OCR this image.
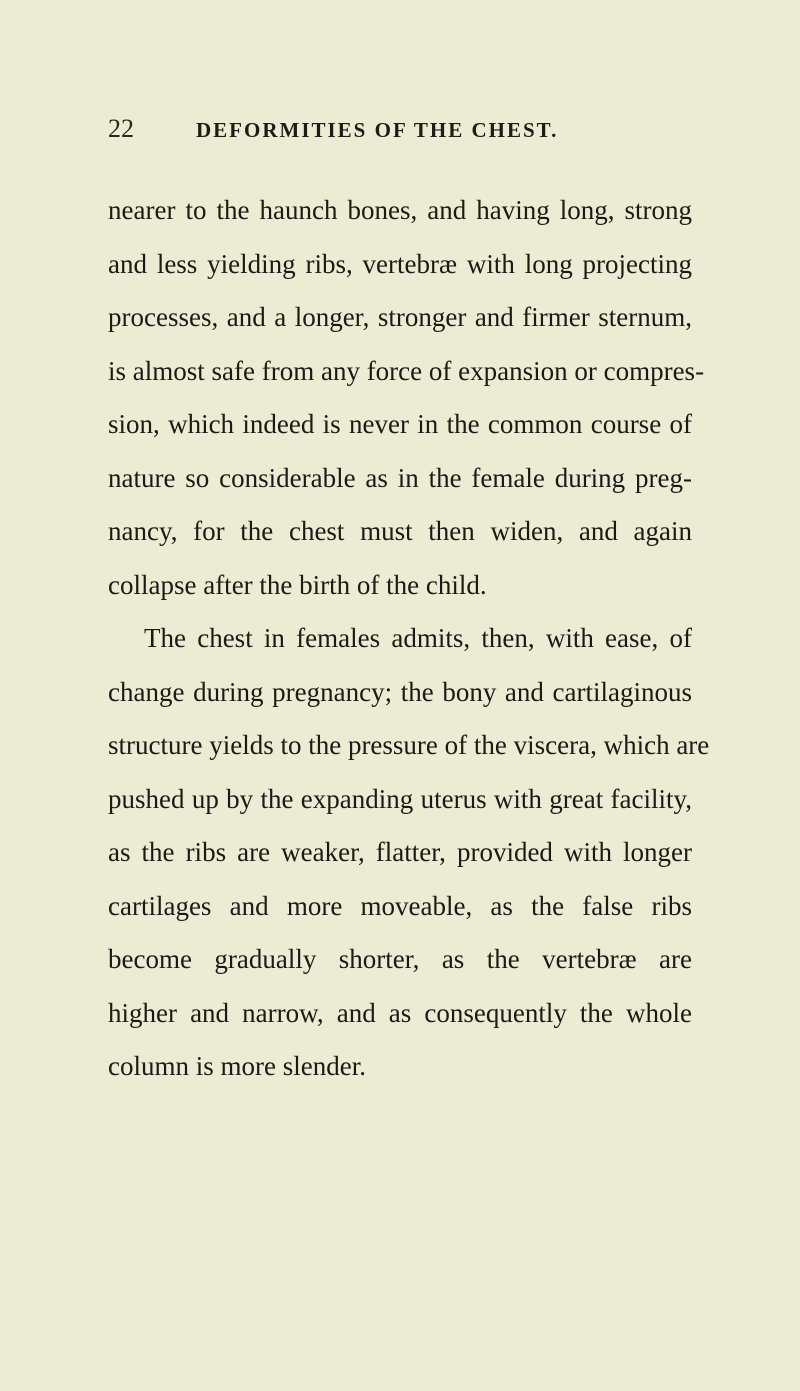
22	DEFORMITIES OF THE CHEST.
nearer to the haunch bones, and having long, strong
and less yielding ribs, vertebræ with long projecting
processes, and a longer, stronger and firmer sternum,
is almost safe from any force of expansion or compres-
sion, which indeed is never in the common course of
nature so considerable as in the female during preg-
nancy, for the chest must then widen, and again
collapse after the birth of the child.
The chest in females admits, then, with ease, of
change during pregnancy; the bony and cartilaginous
structure yields to the pressure of the viscera, which are
pushed up by the expanding uterus with great facility,
as the ribs are weaker, flatter, provided with longer
cartilages and more moveable, as the false ribs
become gradually shorter, as the vertebræ are
higher and narrow, and as consequently the whole
column is more slender.
